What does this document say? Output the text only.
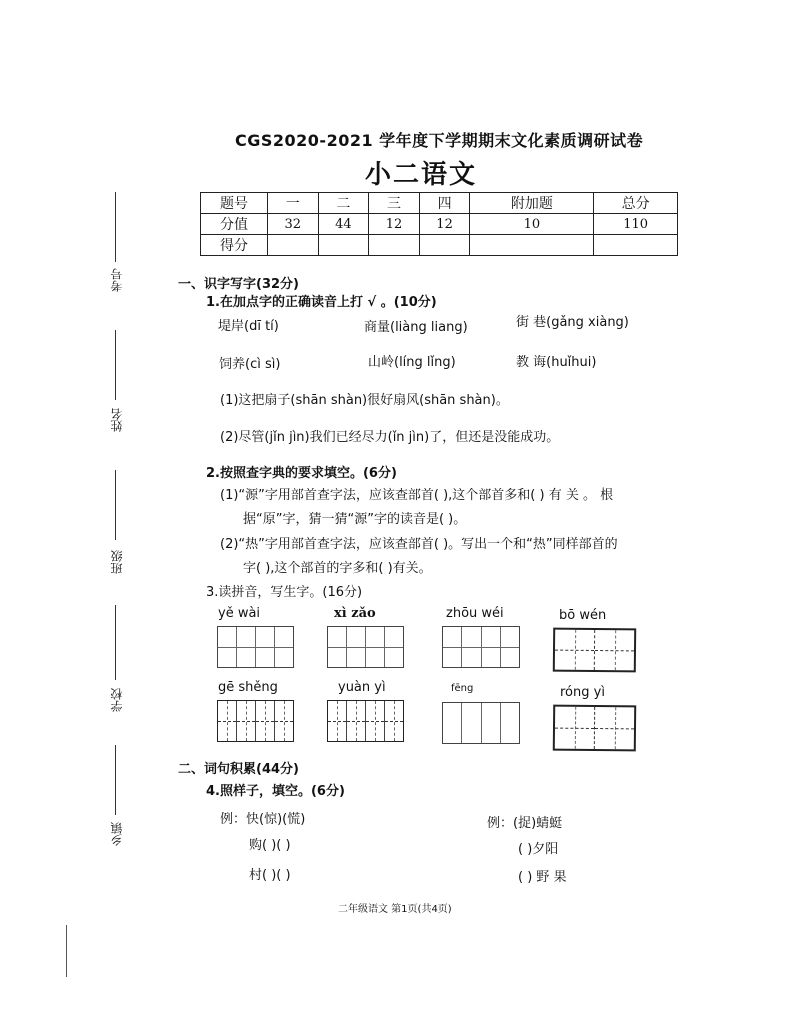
CGS2020-2021 学年度下学期期末文化素质调研试卷
小二语文
题号	一	二	三	四	附加题	总分
分值	32	44	12	12	10	110
得分						
考号
姓名
班级
学校
乡镇
一、识字写字(32分)
1.在加点字的正确读音上打 √ 。(10分)
堤岸(dī tí)	商量(liàng liang)	街 巷(gǎng xiàng)
饲养(cì sì)	山岭(líng lǐng)	教 诲(huǐhui)
(1)这把扇子(shān shàn)很好扇风(shān shàn)。
(2)尽管(jǐn jìn)我们已经尽力(ǐn jìn)了，但还是没能成功。
2.按照查字典的要求填空。(6分)
(1)“源”字用部首查字法，应该查部首( ),这个部首多和( ) 有 关 。 根
据“原”字，猜一猜“源”字的读音是( )。
(2)“热”字用部首查字法，应该查部首( )。写出一个和“热”同样部首的
字( ),这个部首的字多和( )有关。
3.读拼音，写生字。(16分)
yě wài	xì zǎo	zhōu wéi	bō wén
gē shěng	yuàn yì	fēng	róng yì
二、词句积累(44分)
4.照样子，填空。(6分)
例：快(惊)(慌)
购( )( )
村( )( )
例：(捉)蜻蜓
( )夕阳
( ) 野 果
二年级语文 第1页(共4页)
